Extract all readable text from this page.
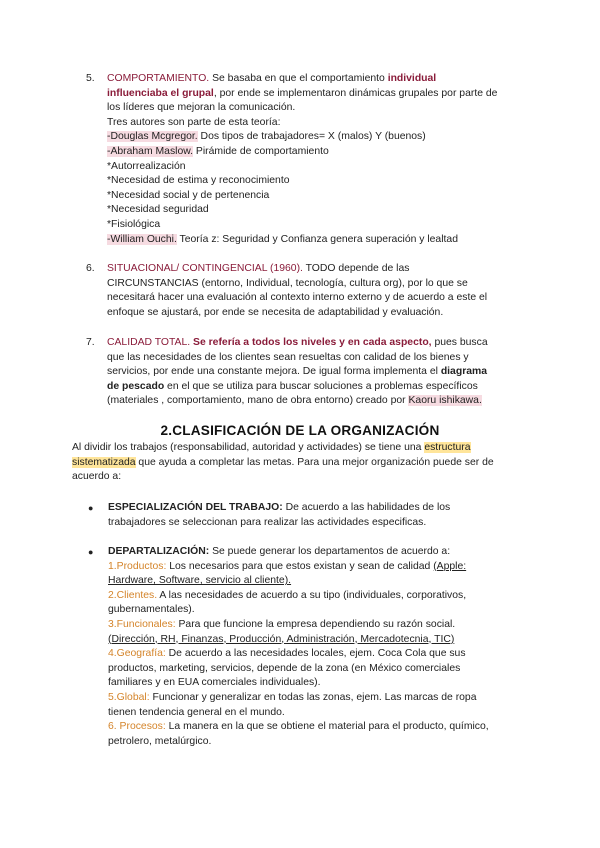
5.	COMPORTAMIENTO. Se basaba en que el comportamiento individual
influenciaba el grupal, por ende se implementaron dinámicas grupales por parte de
los líderes que mejoran la comunicación.
Tres autores son parte de esta teoría:
-Douglas Mcgregor. Dos tipos de trabajadores= X (malos) Y (buenos)
-Abraham Maslow. Pirámide de comportamiento
*Autorrealización
*Necesidad de estima y reconocimiento
*Necesidad social y de pertenencia
*Necesidad seguridad
*Fisiológica
-William Ouchi. Teoría z: Seguridad y Confianza genera superación y lealtad
6.	SITUACIONAL/ CONTINGENCIAL (1960). TODO depende de las
CIRCUNSTANCIAS (entorno, Individual, tecnología, cultura org), por lo que se
necesitará hacer una evaluación al contexto interno externo y de acuerdo a este el
enfoque se ajustará, por ende se necesita de adaptabilidad y evaluación.
7.	CALIDAD TOTAL. Se refería a todos los niveles y en cada aspecto, pues busca
que las necesidades de los clientes sean resueltas con calidad de los bienes y
servicios, por ende una constante mejora. De igual forma implementa el diagrama
de pescado en el que se utiliza para buscar soluciones a problemas específicos
(materiales , comportamiento, mano de obra entorno) creado por Kaoru ishikawa.
2.CLASIFICACIÓN DE LA ORGANIZACIÓN
Al dividir los trabajos (responsabilidad, autoridad y actividades) se tiene una estructura
sistematizada que ayuda a completar las metas. Para una mejor organización puede ser de
acuerdo a:
● ESPECIALIZACIÓN DEL TRABAJO: De acuerdo a las habilidades de los
trabajadores se seleccionan para realizar las actividades especificas.
● DEPARTALIZACIÓN: Se puede generar los departamentos de acuerdo a:
1.Productos: Los necesarios para que estos existan y sean de calidad (Apple:
Hardware, Software, servicio al cliente).
2.Clientes. A las necesidades de acuerdo a su tipo (individuales, corporativos,
gubernamentales).
3.Funcionales: Para que funcione la empresa dependiendo su razón social.
(Dirección, RH, Finanzas, Producción, Administración, Mercadotecnia, TIC)
4.Geografía: De acuerdo a las necesidades locales, ejem. Coca Cola que sus
productos, marketing, servicios, depende de la zona (en México comerciales
familiares y en EUA comerciales individuales).
5.Global: Funcionar y generalizar en todas las zonas, ejem. Las marcas de ropa
tienen tendencia general en el mundo.
6. Procesos: La manera en la que se obtiene el material para el producto, químico,
petrolero, metalúrgico.
